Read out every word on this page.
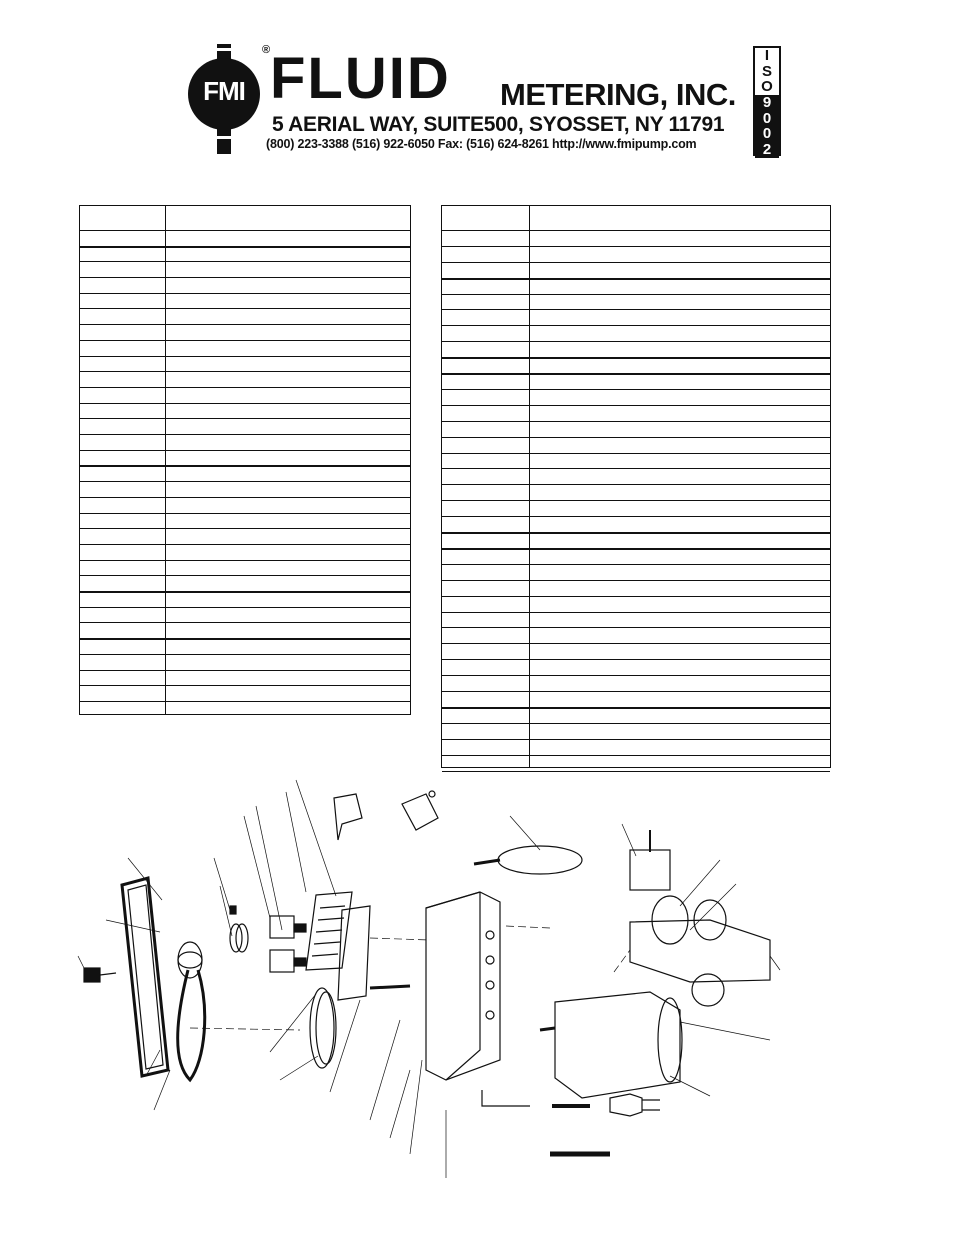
FMI FLUID
®
METERING, INC.
5 AERIAL WAY, SUITE500, SYOSSET, NY 11791
(800) 223-3388 (516) 922-6050 Fax: (516) 624-8261 http://www.fmipump.com
I
S
O
9
0
0
2
